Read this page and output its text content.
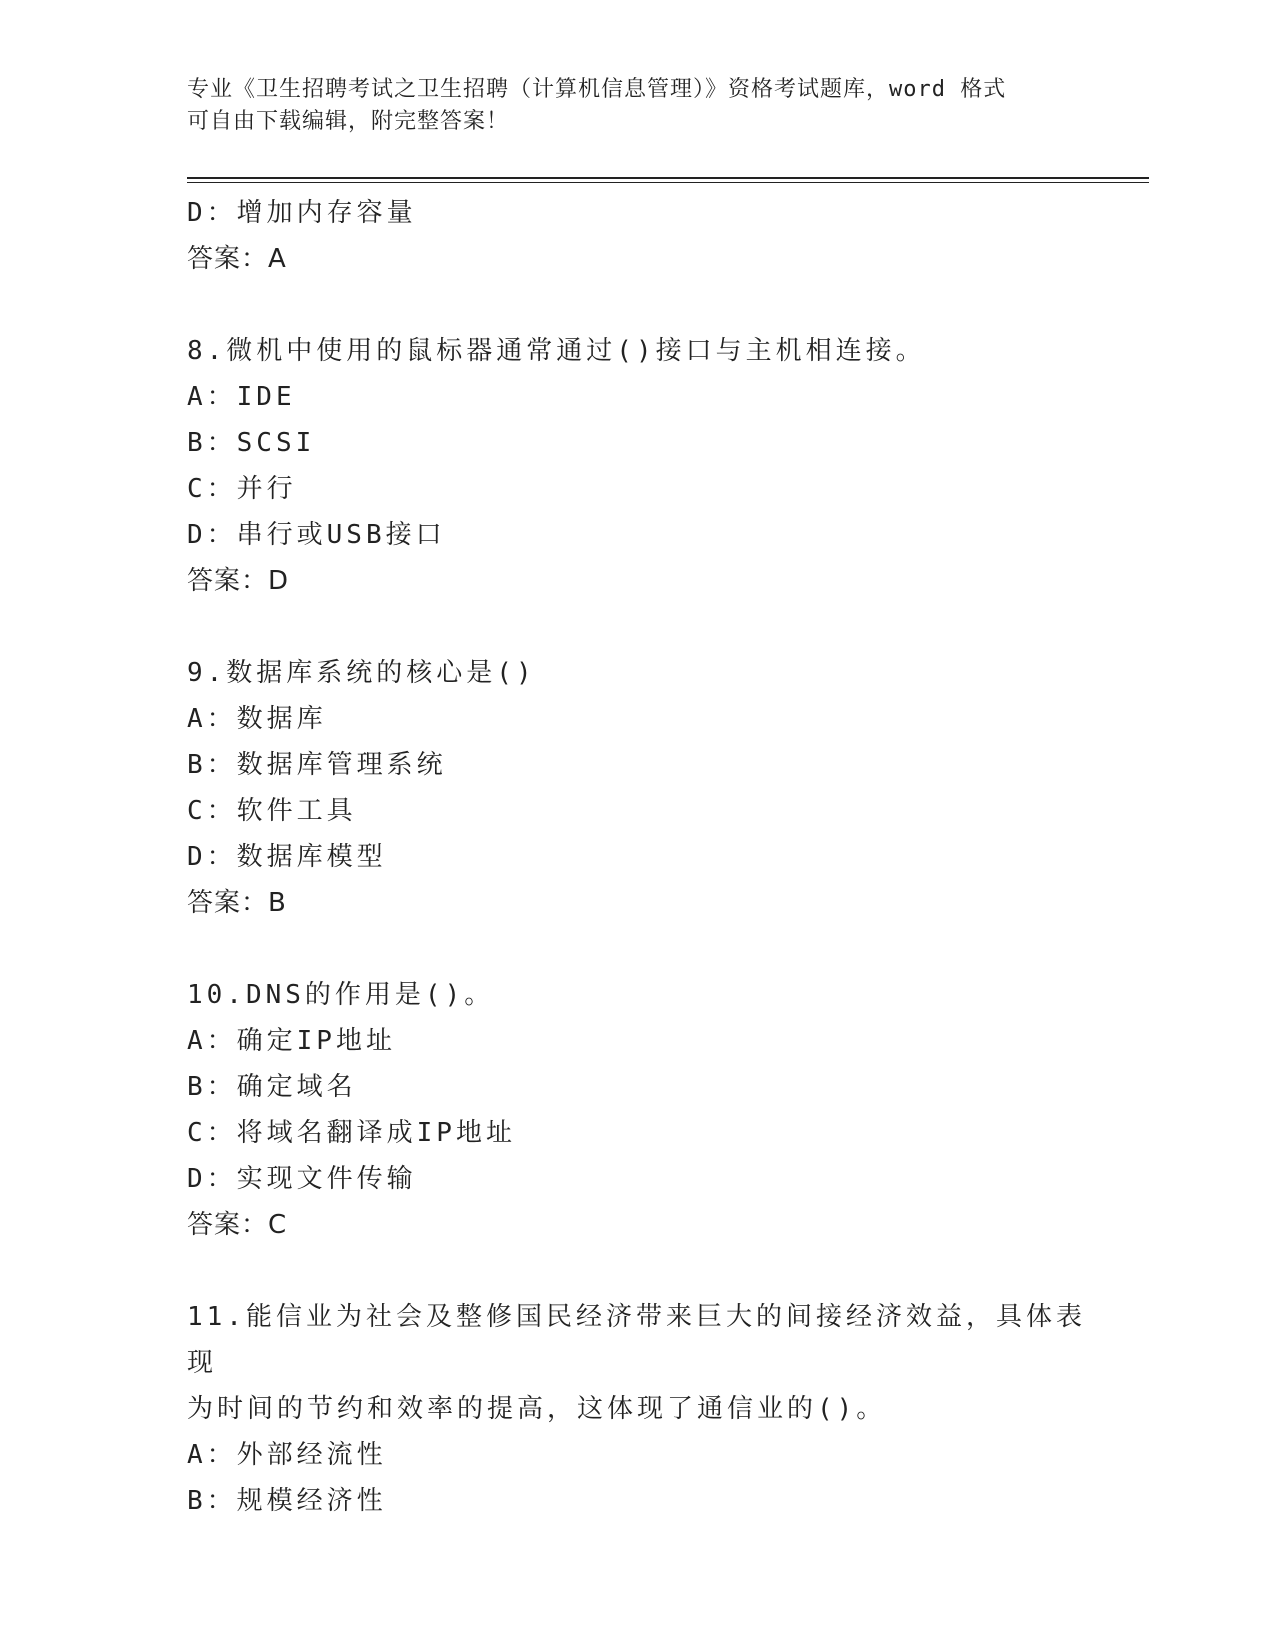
专业《卫生招聘考试之卫生招聘（计算机信息管理）》资格考试题库，word 格式
可自由下载编辑，附完整答案！
D：增加内存容量
答案：A
8.微机中使用的鼠标器通常通过()接口与主机相连接。
A：IDE
B：SCSI
C：并行
D：串行或USB接口
答案：D
9.数据库系统的核心是()
A：数据库
B：数据库管理系统
C：软件工具
D：数据库模型
答案：B
10.DNS的作用是()。
A：确定IP地址
B：确定域名
C：将域名翻译成IP地址
D：实现文件传输
答案：C
11.能信业为社会及整修国民经济带来巨大的间接经济效益，具体表现
为时间的节约和效率的提高，这体现了通信业的()。
A：外部经流性
B：规模经济性
